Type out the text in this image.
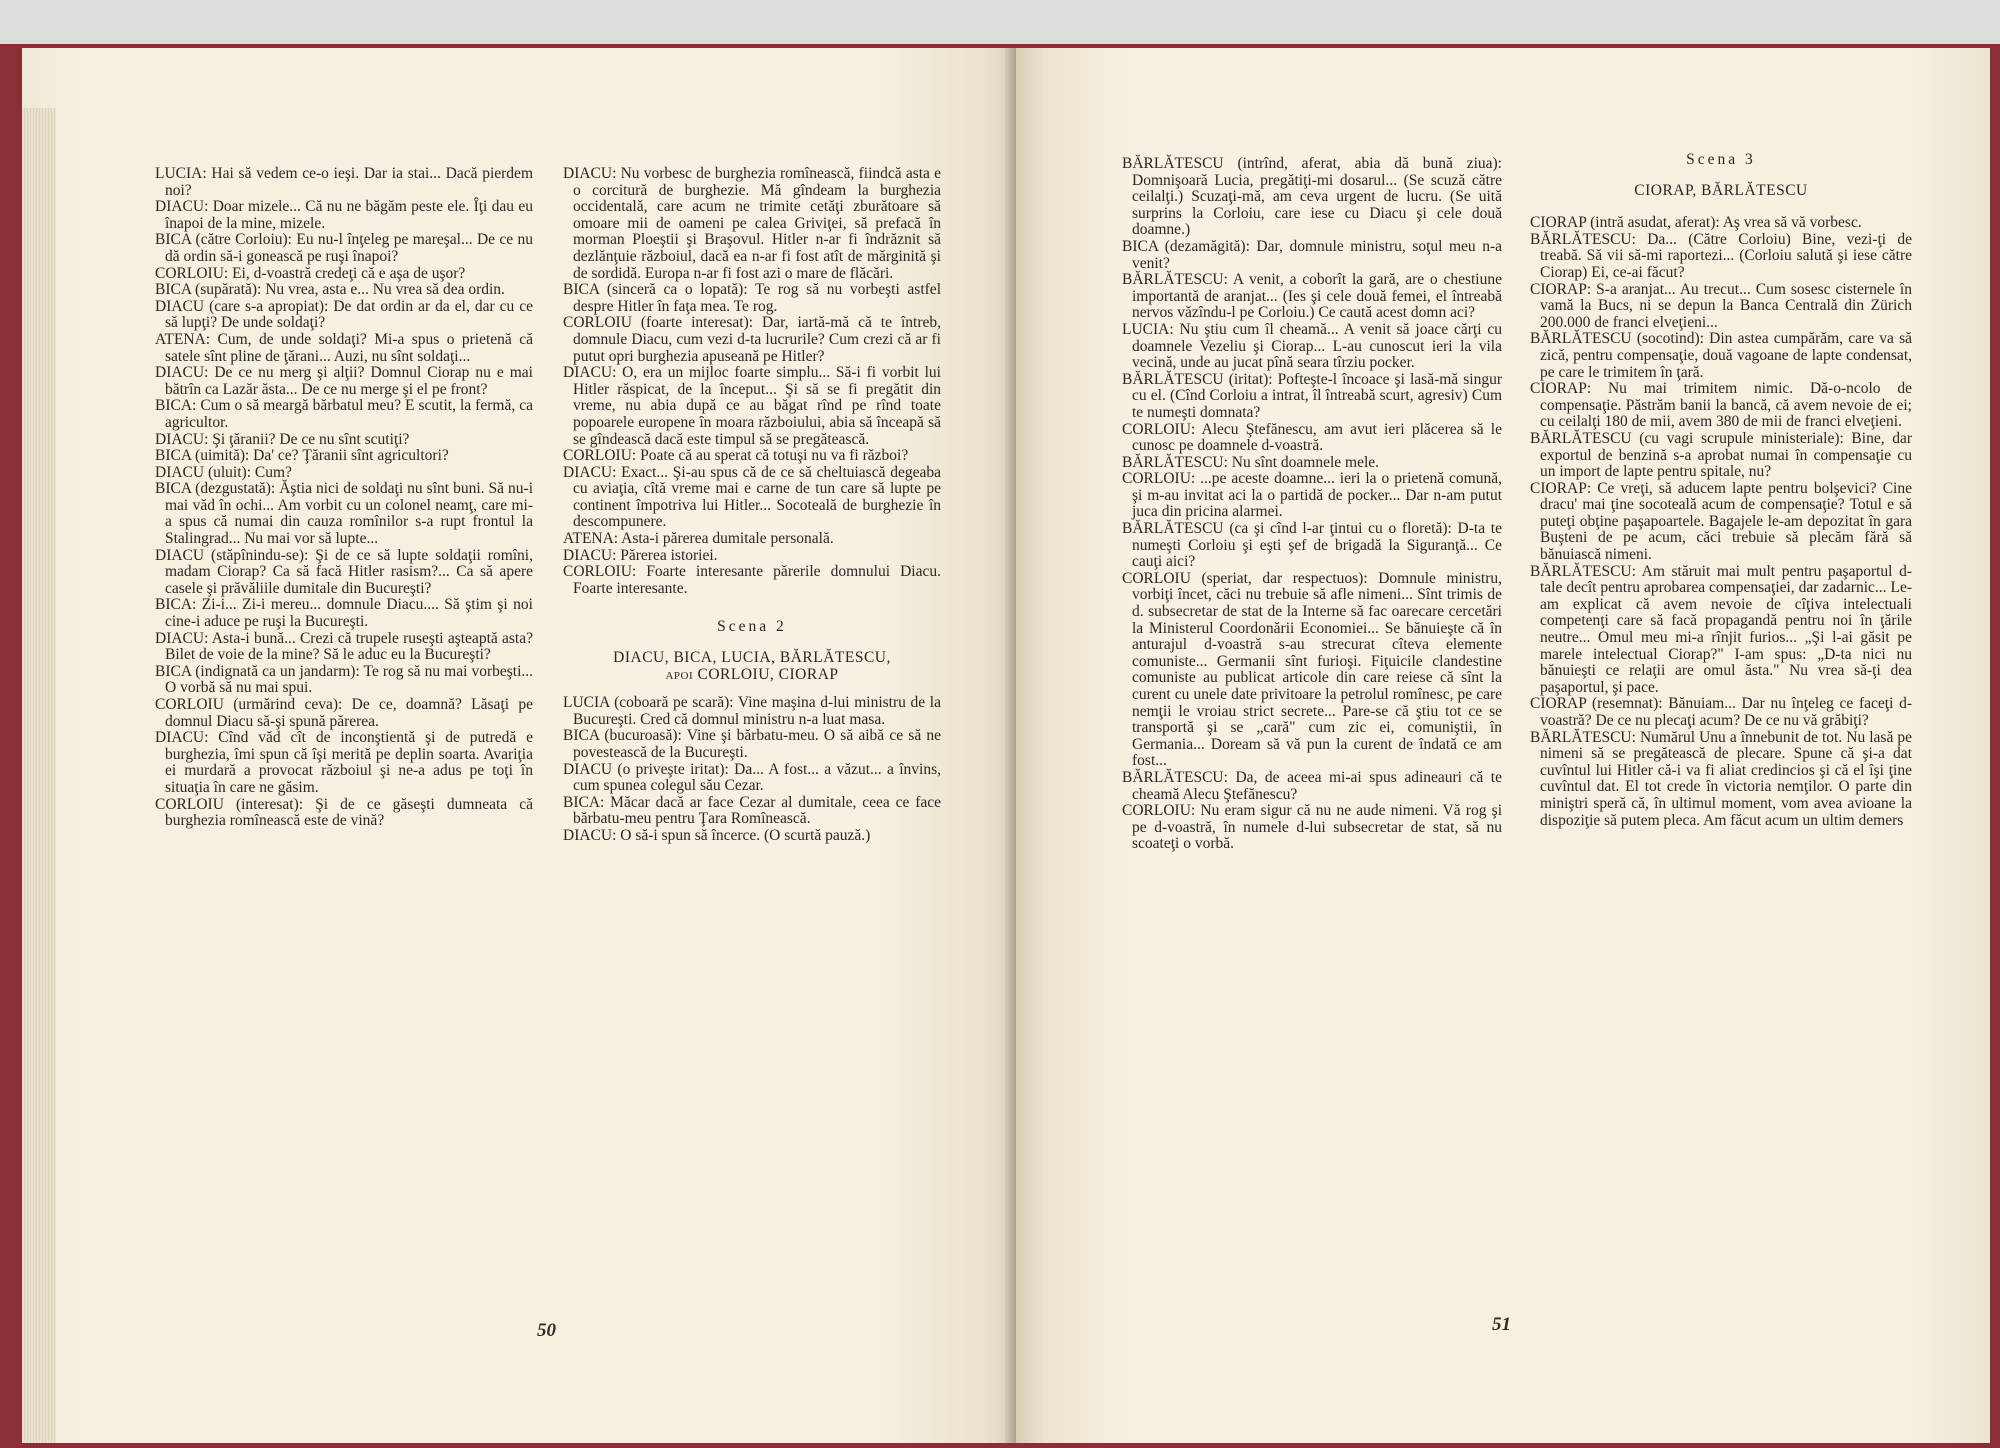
LUCIA: Hai să vedem ce-o ieşi. Dar ia stai... Dacă pierdem noi?

DIACU: Doar mizele... Că nu ne băgăm peste ele. Îţi dau eu înapoi de la mine, mizele.

BICA (către Corloiu): Eu nu-l înţeleg pe mareşal... De ce nu dă ordin să-i gonească pe ruşi înapoi?

CORLOIU: Ei, d-voastră credeţi că e aşa de uşor?

BICA (supărată): Nu vrea, asta e... Nu vrea să dea ordin.

DIACU (care s-a apropiat): De dat ordin ar da el, dar cu ce să lupţi? De unde soldaţi?

ATENA: Cum, de unde soldaţi? Mi-a spus o prietenă că satele sînt pline de ţărani... Auzi, nu sînt soldaţi...

DIACU: De ce nu merg şi alţii? Domnul Ciorap nu e mai bătrîn ca Lazăr ăsta... De ce nu merge şi el pe front?

BICA: Cum o să meargă bărbatul meu? E scutit, la fermă, ca agricultor.

DIACU: Şi ţăranii? De ce nu sînt scutiţi?

BICA (uimită): Da' ce? Ţăranii sînt agricultori?

DIACU (uluit): Cum?

BICA (dezgustată): Ăştia nici de soldaţi nu sînt buni. Să nu-i mai văd în ochi... Am vorbit cu un colonel neamţ, care mi-a spus că numai din cauza romînilor s-a rupt frontul la Stalingrad... Nu mai vor să lupte...

DIACU (stăpînindu-se): Şi de ce să lupte soldaţii romîni, madam Ciorap? Ca să facă Hitler rasism?... Ca să apere casele şi prăvăliile dumitale din Bucureşti?

BICA: Zi-i... Zi-i mereu... domnule Diacu.... Să ştim şi noi cine-i aduce pe ruşi la Bucureşti.

DIACU: Asta-i bună... Crezi că trupele ruseşti aşteaptă asta? Bilet de voie de la mine? Să le aduc eu la Bucureşti?

BICA (indignată ca un jandarm): Te rog să nu mai vorbeşti... O vorbă să nu mai spui.

CORLOIU (urmărind ceva): De ce, doamnă? Lăsaţi pe domnul Diacu să-şi spună părerea.

DIACU: Cînd văd cît de inconştientă şi de putredă e burghezia, îmi spun că îşi merită pe deplin soarta. Avariţia ei murdară a provocat războiul şi ne-a adus pe toţi în situaţia în care ne găsim.

CORLOIU (interesat): Şi de ce găseşti dumneata că burghezia romînească este de vină?

DIACU: Nu vorbesc de burghezia romînească, fiindcă asta e o corcitură de burghezie. Mă gîndeam la burghezia occidentală, care acum ne trimite cetăţi zburătoare să omoare mii de oameni pe calea Griviţei, să prefacă în morman Ploeştii şi Braşovul. Hitler n-ar fi îndrăznit să dezlănţuie războiul, dacă ea n-ar fi fost atît de mărginită şi de sordidă. Europa n-ar fi fost azi o mare de flăcări.

BICA (sinceră ca o lopată): Te rog să nu vorbeşti astfel despre Hitler în faţa mea. Te rog.

CORLOIU (foarte interesat): Dar, iartă-mă că te întreb, domnule Diacu, cum vezi d-ta lucrurile? Cum crezi că ar fi putut opri burghezia apuseană pe Hitler?

DIACU: O, era un mijloc foarte simplu... Să-i fi vorbit lui Hitler răspicat, de la început... Şi să se fi pregătit din vreme, nu abia după ce au băgat rînd pe rînd toate popoarele europene în moara războiului, abia să înceapă să se gîndească dacă este timpul să se pregătească.

CORLOIU: Poate că au sperat că totuşi nu va fi război?

DIACU: Exact... Şi-au spus că de ce să cheltuiască degeaba cu aviaţia, cîtă vreme mai e carne de tun care să lupte pe continent împotriva lui Hitler... Socoteală de burghezie în descompunere.

ATENA: Asta-i părerea dumitale personală.

DIACU: Părerea istoriei.

CORLOIU: Foarte interesante părerile domnului Diacu. Foarte interesante.

Scena 2
DIACU, BICA, LUCIA, BĂRLĂTESCU,
apoi CORLOIU, CIORAP

LUCIA (coboară pe scară): Vine maşina d-lui ministru de la Bucureşti. Cred că domnul ministru n-a luat masa.

BICA (bucuroasă): Vine şi bărbatu-meu. O să aibă ce să ne povestească de la Bucureşti.

DIACU (o priveşte iritat): Da... A fost... a văzut... a învins, cum spunea colegul său Cezar.

BICA: Măcar dacă ar face Cezar al dumitale, ceea ce face bărbatu-meu pentru Ţara Romînească.

DIACU: O să-i spun să încerce. (O scurtă pauză.)

50

BĂRLĂTESCU (intrînd, aferat, abia dă bună ziua): Domnişoară Lucia, pregătiţi-mi dosarul... (Se scuză către ceilalţi.) Scuzaţi-mă, am ceva urgent de lucru. (Se uită surprins la Corloiu, care iese cu Diacu şi cele două doamne.)

BICA (dezamăgită): Dar, domnule ministru, soţul meu n-a venit?

BĂRLĂTESCU: A venit, a coborît la gară, are o chestiune importantă de aranjat... (Ies şi cele două femei, el întreabă nervos văzîndu-l pe Corloiu.) Ce caută acest domn aci?

LUCIA: Nu ştiu cum îl cheamă... A venit să joace cărţi cu doamnele Vezeliu şi Ciorap... L-au cunoscut ieri la vila vecină, unde au jucat pînă seara tîrziu pocker.

BĂRLĂTESCU (iritat): Pofteşte-l încoace şi lasă-mă singur cu el. (Cînd Corloiu a intrat, îl întreabă scurt, agresiv) Cum te numeşti domnata?

CORLOIU: Alecu Ştefănescu, am avut ieri plăcerea să le cunosc pe doamnele d-voastră.

BĂRLĂTESCU: Nu sînt doamnele mele.

CORLOIU: ...pe aceste doamne... ieri la o prietenă comună, şi m-au invitat aci la o partidă de pocker... Dar n-am putut juca din pricina alarmei.

BĂRLĂTESCU (ca şi cînd l-ar ţintui cu o floretă): D-ta te numeşti Corloiu şi eşti şef de brigadă la Siguranţă... Ce cauţi aici?

CORLOIU (speriat, dar respectuos): Domnule ministru, vorbiţi încet, căci nu trebuie să afle nimeni... Sînt trimis de d. subsecretar de stat de la Interne să fac oarecare cercetări la Ministerul Coordonării Economiei... Se bănuieşte că în anturajul d-voastră s-au strecurat cîteva elemente comuniste... Germanii sînt furioşi. Fiţuicile clandestine comuniste au publicat articole din care reiese că sînt la curent cu unele date privitoare la petrolul romînesc, pe care nemţii le vroiau strict secrete... Pare-se că ştiu tot ce se transportă şi se „cară" cum zic ei, comuniştii, în Germania... Doream să vă pun la curent de îndată ce am fost...

BĂRLĂTESCU: Da, de aceea mi-ai spus adineauri că te cheamă Alecu Ştefănescu?

CORLOIU: Nu eram sigur că nu ne aude nimeni. Vă rog şi pe d-voastră, în numele d-lui subsecretar de stat, să nu scoateţi o vorbă.

Scena 3
CIORAP, BĂRLĂTESCU

CIORAP (intră asudat, aferat): Aş vrea să vă vorbesc.

BĂRLĂTESCU: Da... (Către Corloiu) Bine, vezi-ţi de treabă. Să vii să-mi raportezi... (Corloiu salută şi iese către Ciorap) Ei, ce-ai făcut?

CIORAP: S-a aranjat... Au trecut... Cum sosesc cisternele în vamă la Bucs, ni se depun la Banca Centrală din Zürich 200.000 de franci elveţieni...

BĂRLĂTESCU (socotind): Din astea cumpărăm, care va să zică, pentru compensaţie, două vagoane de lapte condensat, pe care le trimitem în ţară.

CIORAP: Nu mai trimitem nimic. Dă-o-ncolo de compensaţie. Păstrăm banii la bancă, că avem nevoie de ei; cu ceilalţi 180 de mii, avem 380 de mii de franci elveţieni.

BĂRLĂTESCU (cu vagi scrupule ministeriale): Bine, dar exportul de benzină s-a aprobat numai în compensaţie cu un import de lapte pentru spitale, nu?

CIORAP: Ce vreţi, să aducem lapte pentru bolşevici? Cine dracu' mai ţine socoteală acum de compensaţie? Totul e să puteţi obţine paşapoartele. Bagajele le-am depozitat în gara Buşteni de pe acum, căci trebuie să plecăm fără să bănuiască nimeni.

BĂRLĂTESCU: Am stăruit mai mult pentru paşaportul d-tale decît pentru aprobarea compensaţiei, dar zadarnic... Le-am explicat că avem nevoie de cîţiva intelectuali competenţi care să facă propagandă pentru noi în ţările neutre... Omul meu mi-a rînjit furios... „Şi l-ai găsit pe marele intelectual Ciorap?" I-am spus: „D-ta nici nu bănuieşti ce relaţii are omul ăsta." Nu vrea să-ţi dea paşaportul, şi pace.

CIORAP (resemnat): Bănuiam... Dar nu înţeleg ce faceţi d-voastră? De ce nu plecaţi acum? De ce nu vă grăbiţi?

BĂRLĂTESCU: Numărul Unu a înnebunit de tot. Nu lasă pe nimeni să se pregătească de plecare. Spune că şi-a dat cuvîntul lui Hitler că-i va fi aliat credincios şi că el îşi ţine cuvîntul dat. El tot crede în victoria nemţilor. O parte din miniştri speră că, în ultimul moment, vom avea avioane la dispoziţie să putem pleca. Am făcut acum un ultim demers

51
